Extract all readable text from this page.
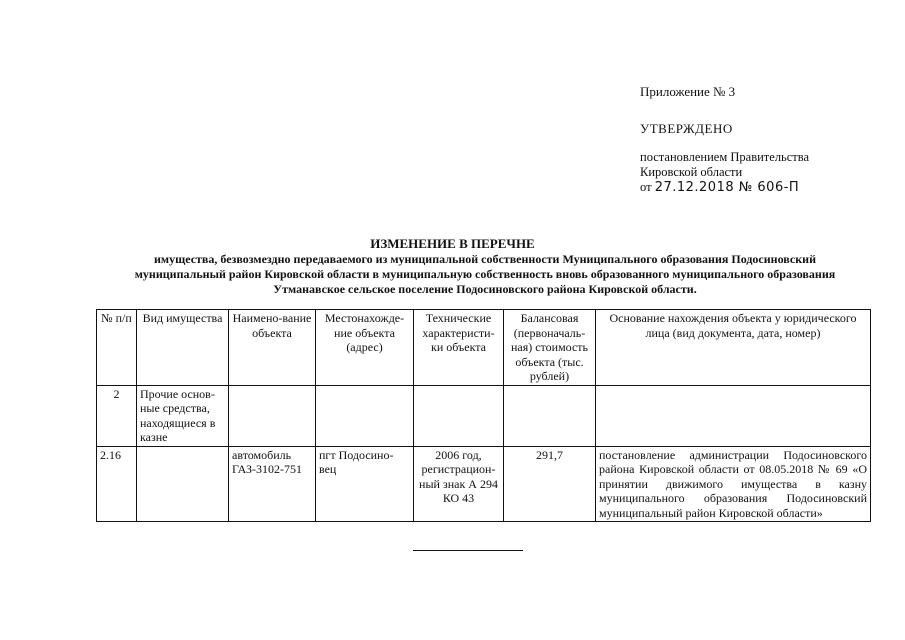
Приложение № 3
УТВЕРЖДЕНО
постановлением Правительства
Кировской области
от 27.12.2018 № 606-П
ИЗМЕНЕНИЕ В ПЕРЕЧНЕ
имущества, безвозмездно передаваемого из муниципальной собственности Муниципального образования Подосиновский
муниципальный район Кировской области в муниципальную собственность вновь образованного муниципального образования
Утманавское сельское поселение Подосиновского района Кировской области.
№ п/п	Вид имущества	Наимено-вание объекта	Местонахожде-ние объекта (адрес)	Технические характеристи-ки объекта	Балансовая (первоначаль-ная) стоимость объекта (тыс. рублей)	Основание нахождения объекта у юридического лица (вид документа, дата, номер)
2	Прочие основ-ные средства, находящиеся в казне					
2.16		автомобиль ГАЗ-3102-751	пгт Подосино-вец	2006 год, регистрацион-ный знак А 294 КО 43	291,7	постановление администрации Подосиновского района Кировской области от 08.05.2018 № 69 «О принятии движимого имущества в казну муниципального образования Подосиновский муниципальный район Кировской области»
